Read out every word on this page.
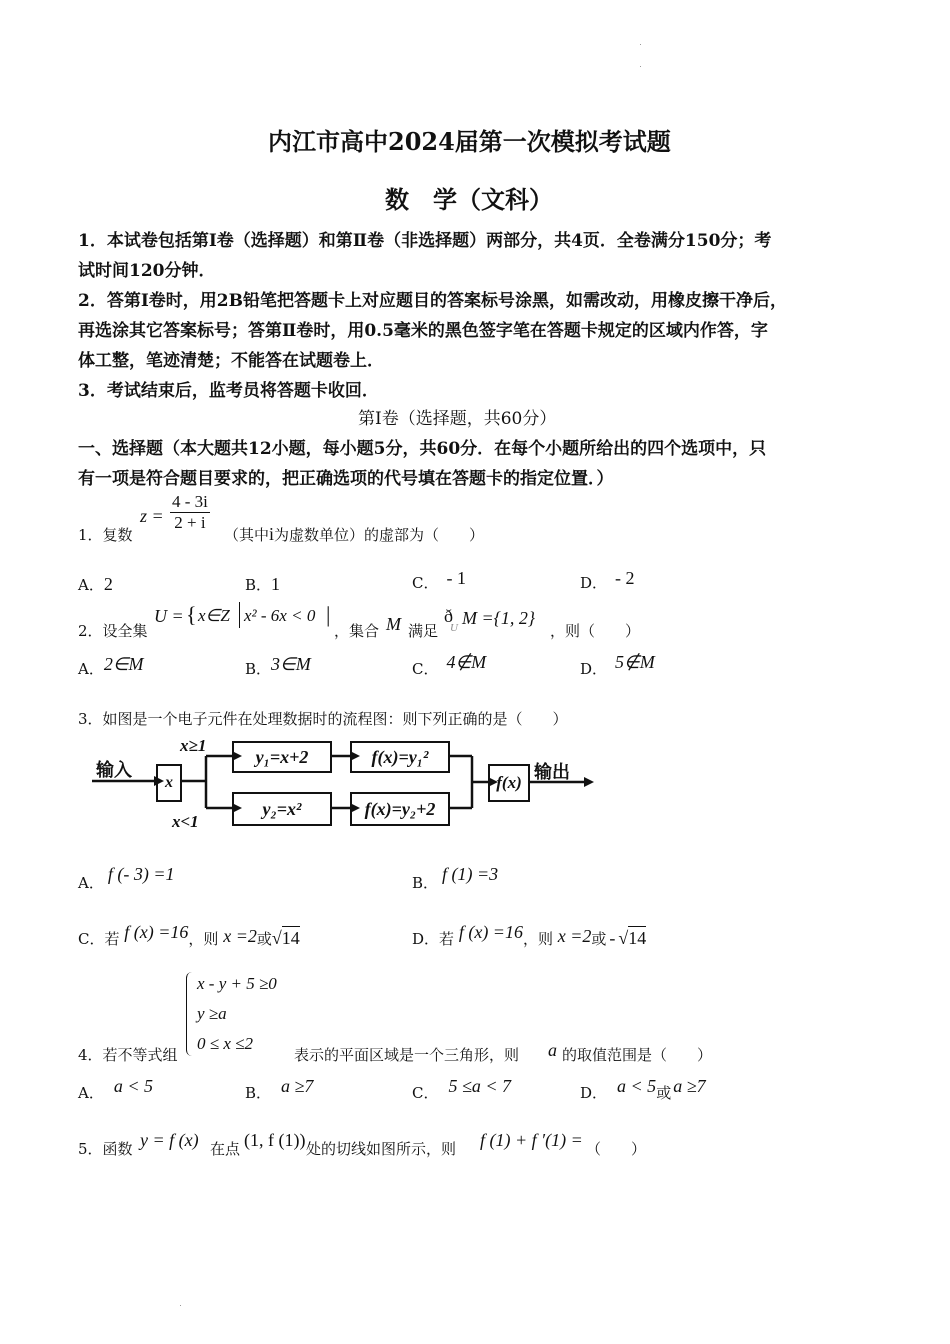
内江市高中2024届第一次模拟考试题
数　学（文科）
1．本试卷包括第Ⅰ卷（选择题）和第Ⅱ卷（非选择题）两部分，共4页．全卷满分150分；考
试时间120分钟．
2．答第Ⅰ卷时，用2B铅笔把答题卡上对应题目的答案标号涂黑，如需改动，用橡皮擦干净后，
再选涂其它答案标号；答第Ⅱ卷时，用0.5毫米的黑色签字笔在答题卡规定的区域内作答，字
体工整，笔迹清楚；不能答在试题卷上．
3．考试结束后，监考员将答题卡收回．
第Ⅰ卷（选择题，共60分）
一、选择题（本大题共12小题，每小题5分，共60分．在每个小题所给出的四个选项中，只
有一项是符合题目要求的，把正确选项的代号填在答题卡的指定位置．）
1．复数
$z = \frac{4 - 3i}{2 + i}$
（其中i为虚数单位）的虚部为（　　）
A．2	B．1	C． - 1	D． - 2
2．设全集
U = { x∈Z x² - 6x < 0 |
，集合 M 满足
ð
U M ={1, 2}
，则（　　）
A．2∈M	B．3∈M	C． 4∉M	D． 5∉M
3．如图是一个电子元件在处理数据时的流程图：则下列正确的是（　　）
输入
x
x≥1
x<1
y₁=x+2
y₂=x²
f(x)=y₁²
f(x)=y₂+2
f(x) 输出
A． f (- 3) =1	B． f (1) =3
C．若 f (x) =16，则 x =2或√14	D．若 f (x) =16，则 x =2或 - √14
x - y + 5 ≥0
y ≥a
0 ≤ x ≤2
4．若不等式组	表示的平面区域是一个三角形，则 a 的取值范围是（　　）
A． a < 5	B． a ≥7	C． 5 ≤a < 7	D． a < 5或 a ≥7
5．函数 y = f (x) 在点 (1, f (1)) 处的切线如图所示，则 f (1) + f ′(1) = （　　）
